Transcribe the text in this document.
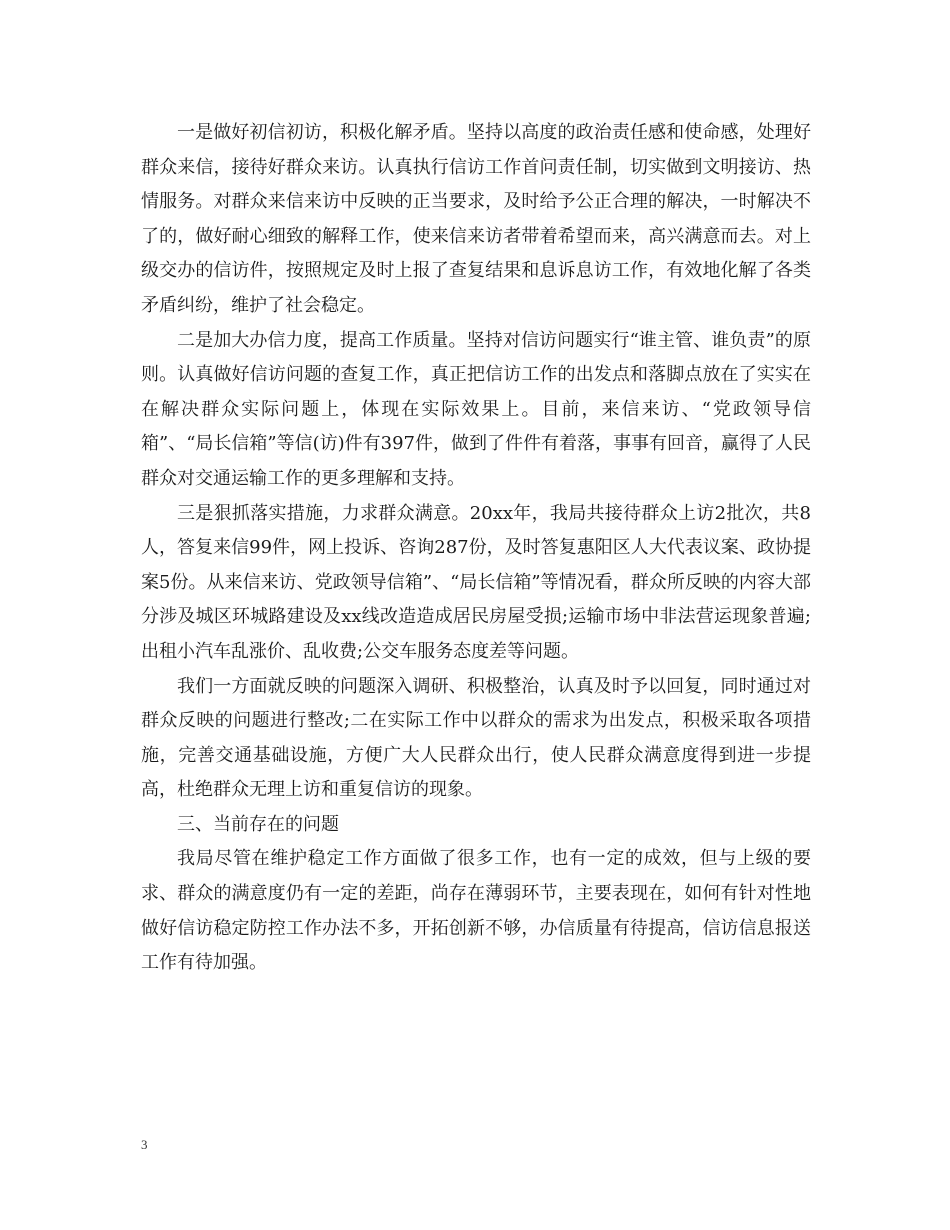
一是做好初信初访，积极化解矛盾。坚持以高度的政治责任感和使命感，处理好群众来信，接待好群众来访。认真执行信访工作首问责任制，切实做到文明接访、热情服务。对群众来信来访中反映的正当要求，及时给予公正合理的解决，一时解决不了的，做好耐心细致的解释工作，使来信来访者带着希望而来，高兴满意而去。对上级交办的信访件，按照规定及时上报了查复结果和息诉息访工作，有效地化解了各类矛盾纠纷，维护了社会稳定。

二是加大办信力度，提高工作质量。坚持对信访问题实行“谁主管、谁负责”的原则。认真做好信访问题的查复工作，真正把信访工作的出发点和落脚点放在了实实在在解决群众实际问题上，体现在实际效果上。目前，来信来访、“党政领导信箱”、“局长信箱”等信(访)件有397件，做到了件件有着落，事事有回音，赢得了人民群众对交通运输工作的更多理解和支持。

三是狠抓落实措施，力求群众满意。20xx年，我局共接待群众上访2批次，共8人，答复来信99件，网上投诉、咨询287份，及时答复惠阳区人大代表议案、政协提案5份。从来信来访、党政领导信箱”、“局长信箱”等情况看，群众所反映的内容大部分涉及城区环城路建设及xx线改造造成居民房屋受损;运输市场中非法营运现象普遍;出租小汽车乱涨价、乱收费;公交车服务态度差等问题。

我们一方面就反映的问题深入调研、积极整治，认真及时予以回复，同时通过对群众反映的问题进行整改;二在实际工作中以群众的需求为出发点，积极采取各项措施，完善交通基础设施，方便广大人民群众出行，使人民群众满意度得到进一步提高，杜绝群众无理上访和重复信访的现象。

三、当前存在的问题

我局尽管在维护稳定工作方面做了很多工作，也有一定的成效，但与上级的要求、群众的满意度仍有一定的差距，尚存在薄弱环节，主要表现在，如何有针对性地做好信访稳定防控工作办法不多，开拓创新不够，办信质量有待提高，信访信息报送工作有待加强。

3
